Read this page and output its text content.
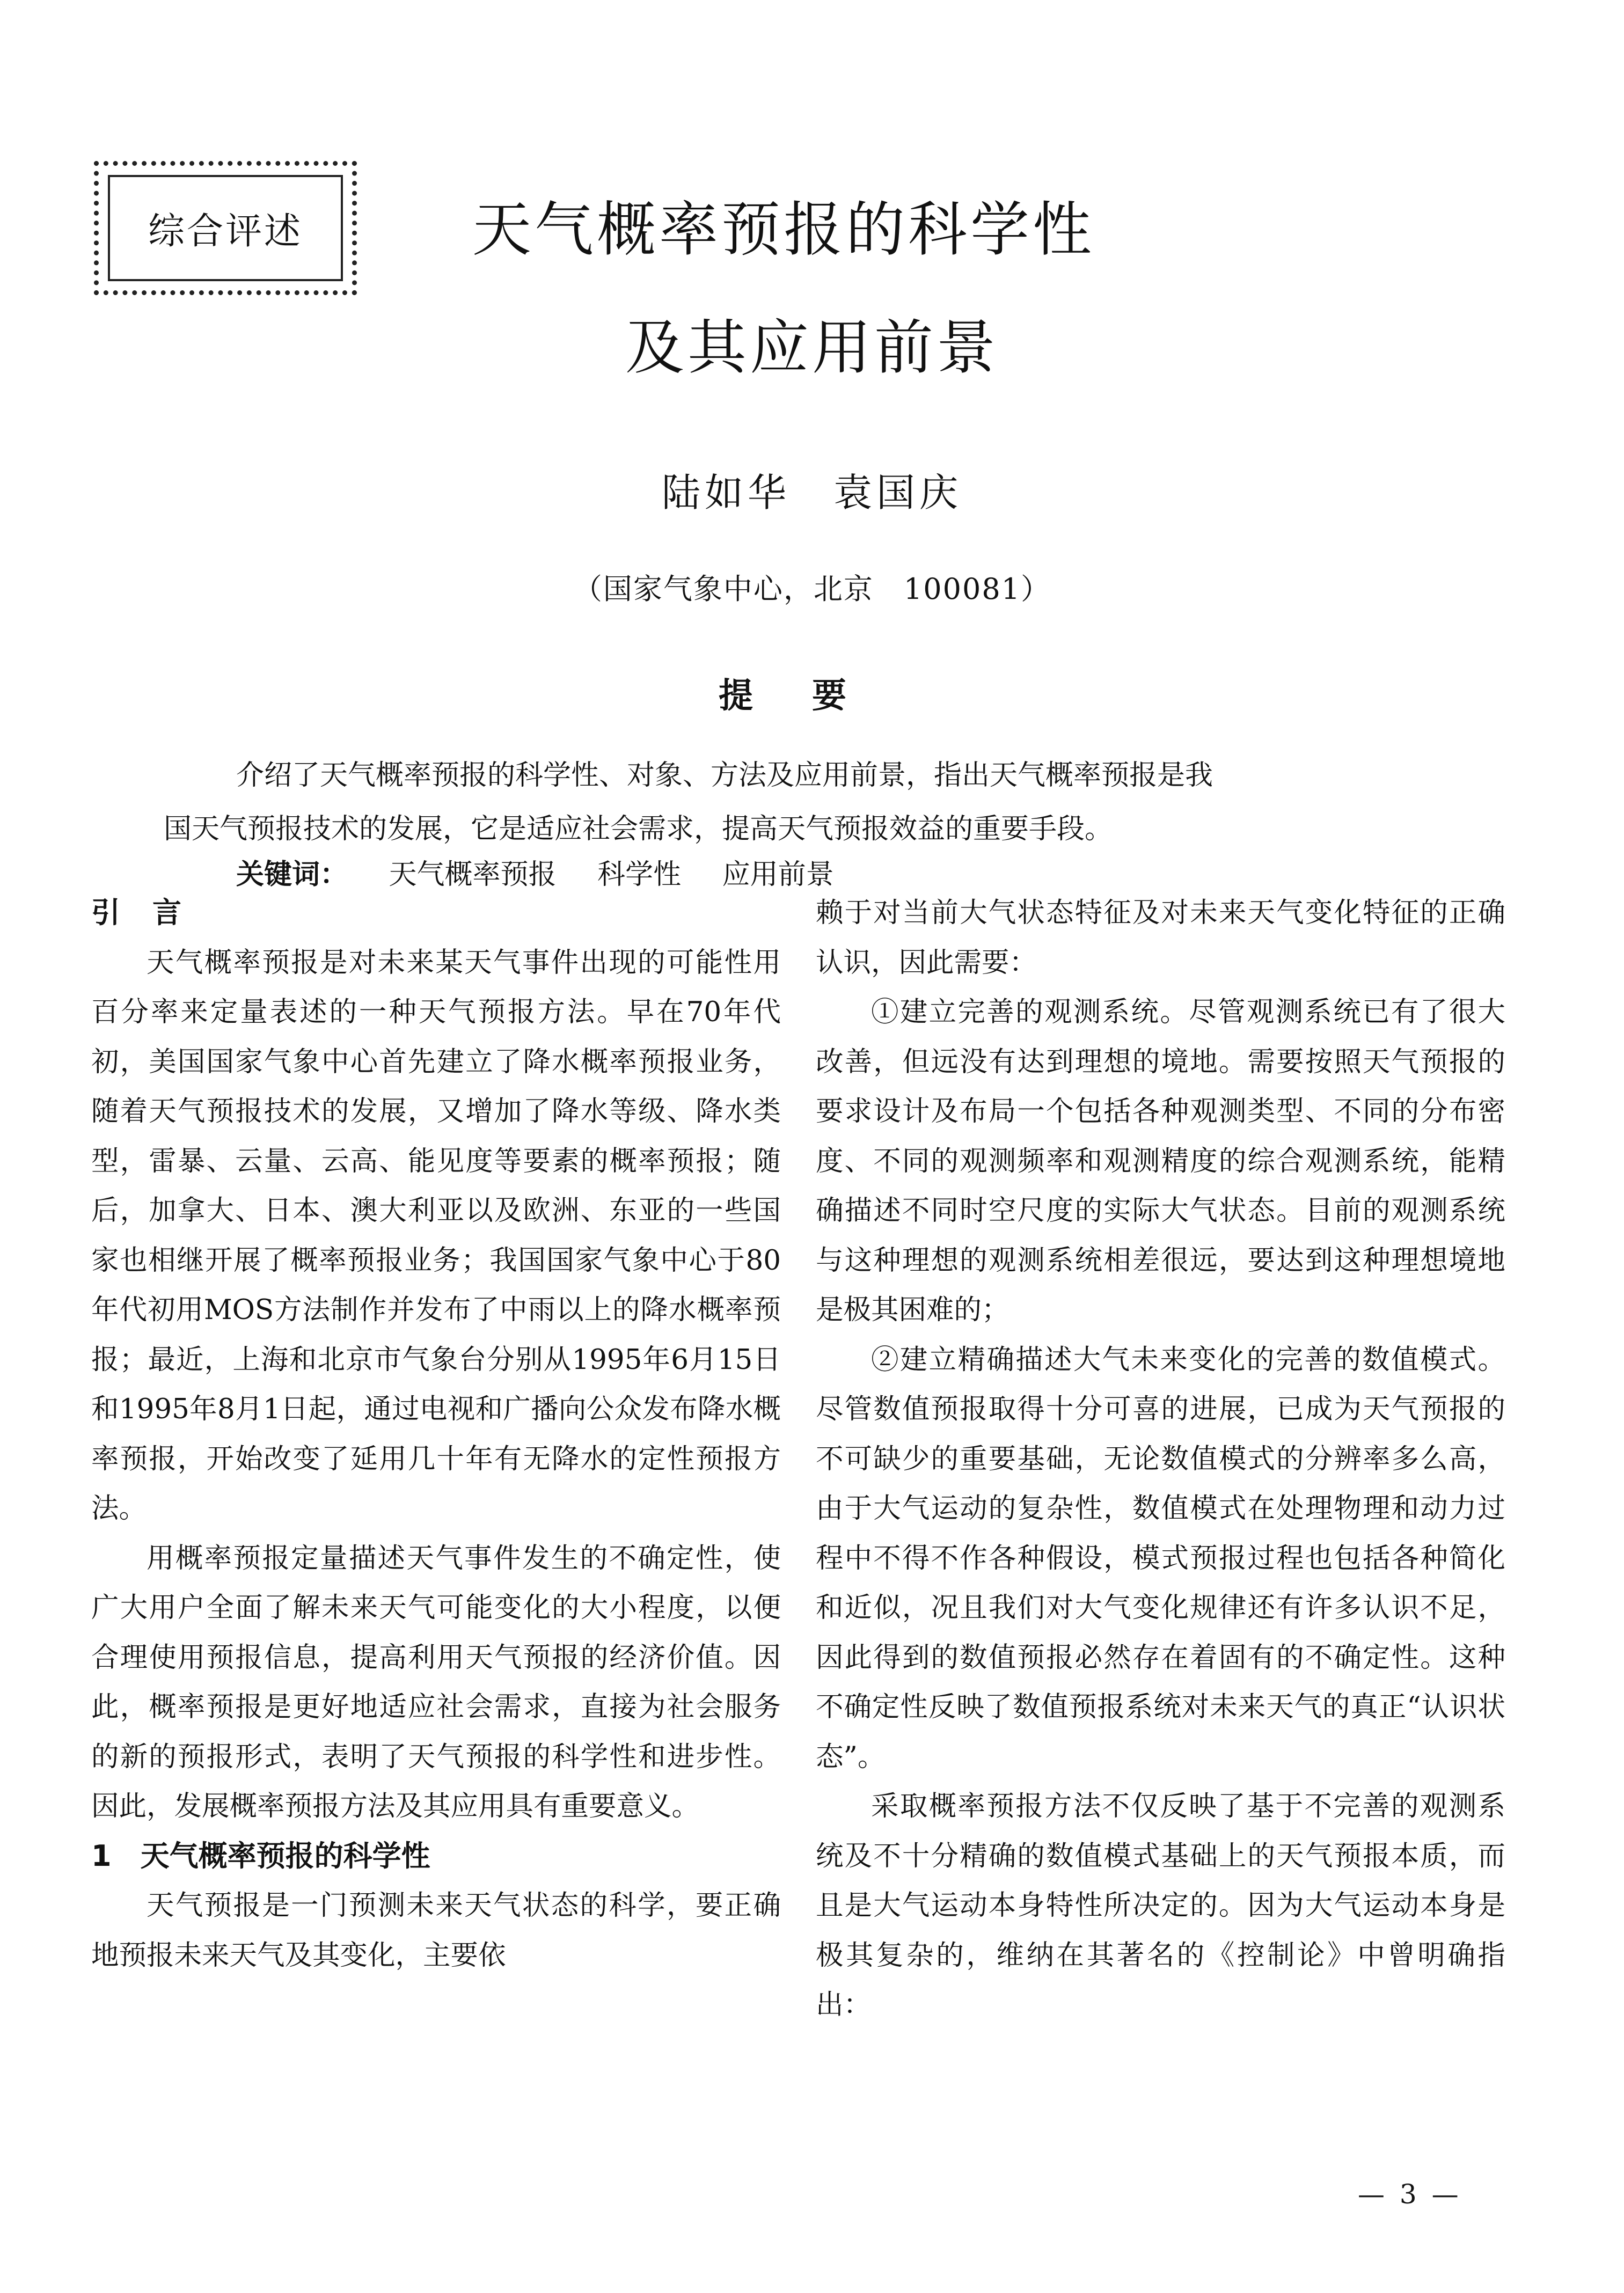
综合评述	天气概率预报的科学性
及其应用前景
陆如华　袁国庆
（国家气象中心，北京　100081）
提要
介绍了天气概率预报的科学性、对象、方法及应用前景，指出天气概率预报是我
国天气预报技术的发展，它是适应社会需求，提高天气预报效益的重要手段。
关键词： 天气概率预报 科学性 应用前景
引言

天气概率预报是对未来某天气事件出现的可能性用百分率来定量表述的一种天气预报方法。早在70年代初，美国国家气象中心首先建立了降水概率预报业务，随着天气预报技术的发展，又增加了降水等级、降水类型，雷暴、云量、云高、能见度等要素的概率预报；随后，加拿大、日本、澳大利亚以及欧洲、东亚的一些国家也相继开展了概率预报业务；我国国家气象中心于80年代初用MOS方法制作并发布了中雨以上的降水概率预报；最近，上海和北京市气象台分别从1995年6月15日和1995年8月1日起，通过电视和广播向公众发布降水概率预报，开始改变了延用几十年有无降水的定性预报方法。

用概率预报定量描述天气事件发生的不确定性，使广大用户全面了解未来天气可能变化的大小程度，以便合理使用预报信息，提高利用天气预报的经济价值。因此，概率预报是更好地适应社会需求，直接为社会服务的新的预报形式，表明了天气预报的科学性和进步性。因此，发展概率预报方法及其应用具有重要意义。

1　天气概率预报的科学性

天气预报是一门预测未来天气状态的科学，要正确地预报未来天气及其变化，主要依

赖于对当前大气状态特征及对未来天气变化特征的正确认识，因此需要：

①建立完善的观测系统。尽管观测系统已有了很大改善，但远没有达到理想的境地。需要按照天气预报的要求设计及布局一个包括各种观测类型、不同的分布密度、不同的观测频率和观测精度的综合观测系统，能精确描述不同时空尺度的实际大气状态。目前的观测系统与这种理想的观测系统相差很远，要达到这种理想境地是极其困难的；

②建立精确描述大气未来变化的完善的数值模式。尽管数值预报取得十分可喜的进展，已成为天气预报的不可缺少的重要基础，无论数值模式的分辨率多么高，由于大气运动的复杂性，数值模式在处理物理和动力过程中不得不作各种假设，模式预报过程也包括各种简化和近似，况且我们对大气变化规律还有许多认识不足，因此得到的数值预报必然存在着固有的不确定性。这种不确定性反映了数值预报系统对未来天气的真正“认识状态”。

采取概率预报方法不仅反映了基于不完善的观测系统及不十分精确的数值模式基础上的天气预报本质，而且是大气运动本身特性所决定的。因为大气运动本身是极其复杂的，维纳在其著名的《控制论》中曾明确指出：

— 3 —
